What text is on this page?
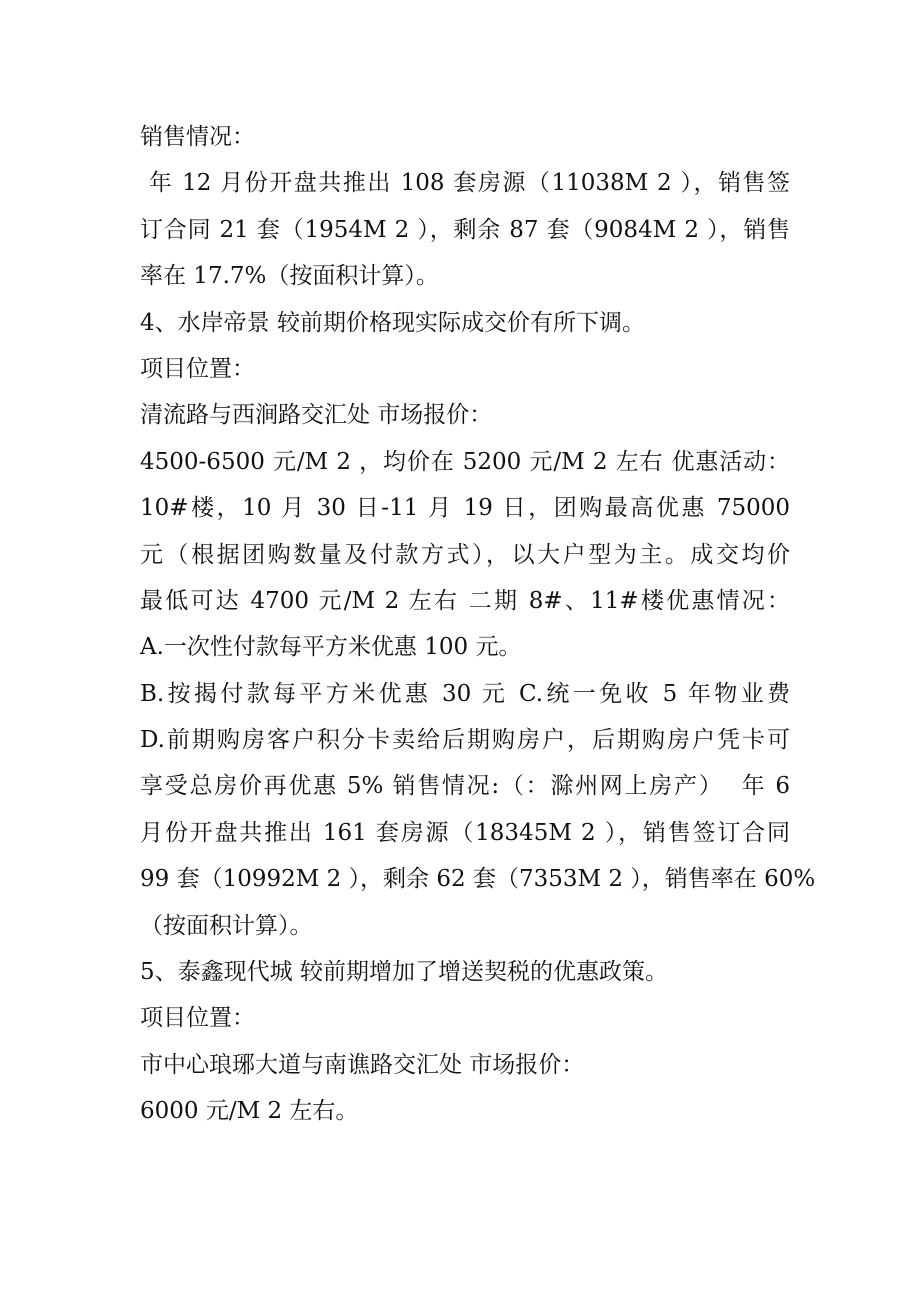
销售情况：
年 12 月份开盘共推出 108 套房源（11038M 2 ），销售签
订合同 21 套（1954M 2 ），剩余 87 套（9084M 2 ），销售
率在 17.7%（按面积计算）。
4、水岸帝景 较前期价格现实际成交价有所下调。
项目位置：
清流路与西涧路交汇处 市场报价：
4500-6500 元/M 2 ，均价在 5200 元/M 2 左右 优惠活动：
10#楼，10 月 30 日-11 月 19 日，团购最高优惠 75000
元（根据团购数量及付款方式），以大户型为主。成交均价
最低可达 4700 元/M 2 左右 二期 8#、11#楼优惠情况：
A.一次性付款每平方米优惠 100 元。
B.按揭付款每平方米优惠 30 元 C.统一免收 5 年物业费
D.前期购房客户积分卡卖给后期购房户，后期购房户凭卡可
享受总房价再优惠 5% 销售情况:（：滁州网上房产）  年 6
月份开盘共推出 161 套房源（18345M 2 ），销售签订合同
99 套（10992M 2 ），剩余 62 套（7353M 2 ），销售率在 60%
（按面积计算）。
5、泰鑫现代城 较前期增加了增送契税的优惠政策。
项目位置：
市中心琅琊大道与南谯路交汇处 市场报价：
6000 元/M 2 左右。
